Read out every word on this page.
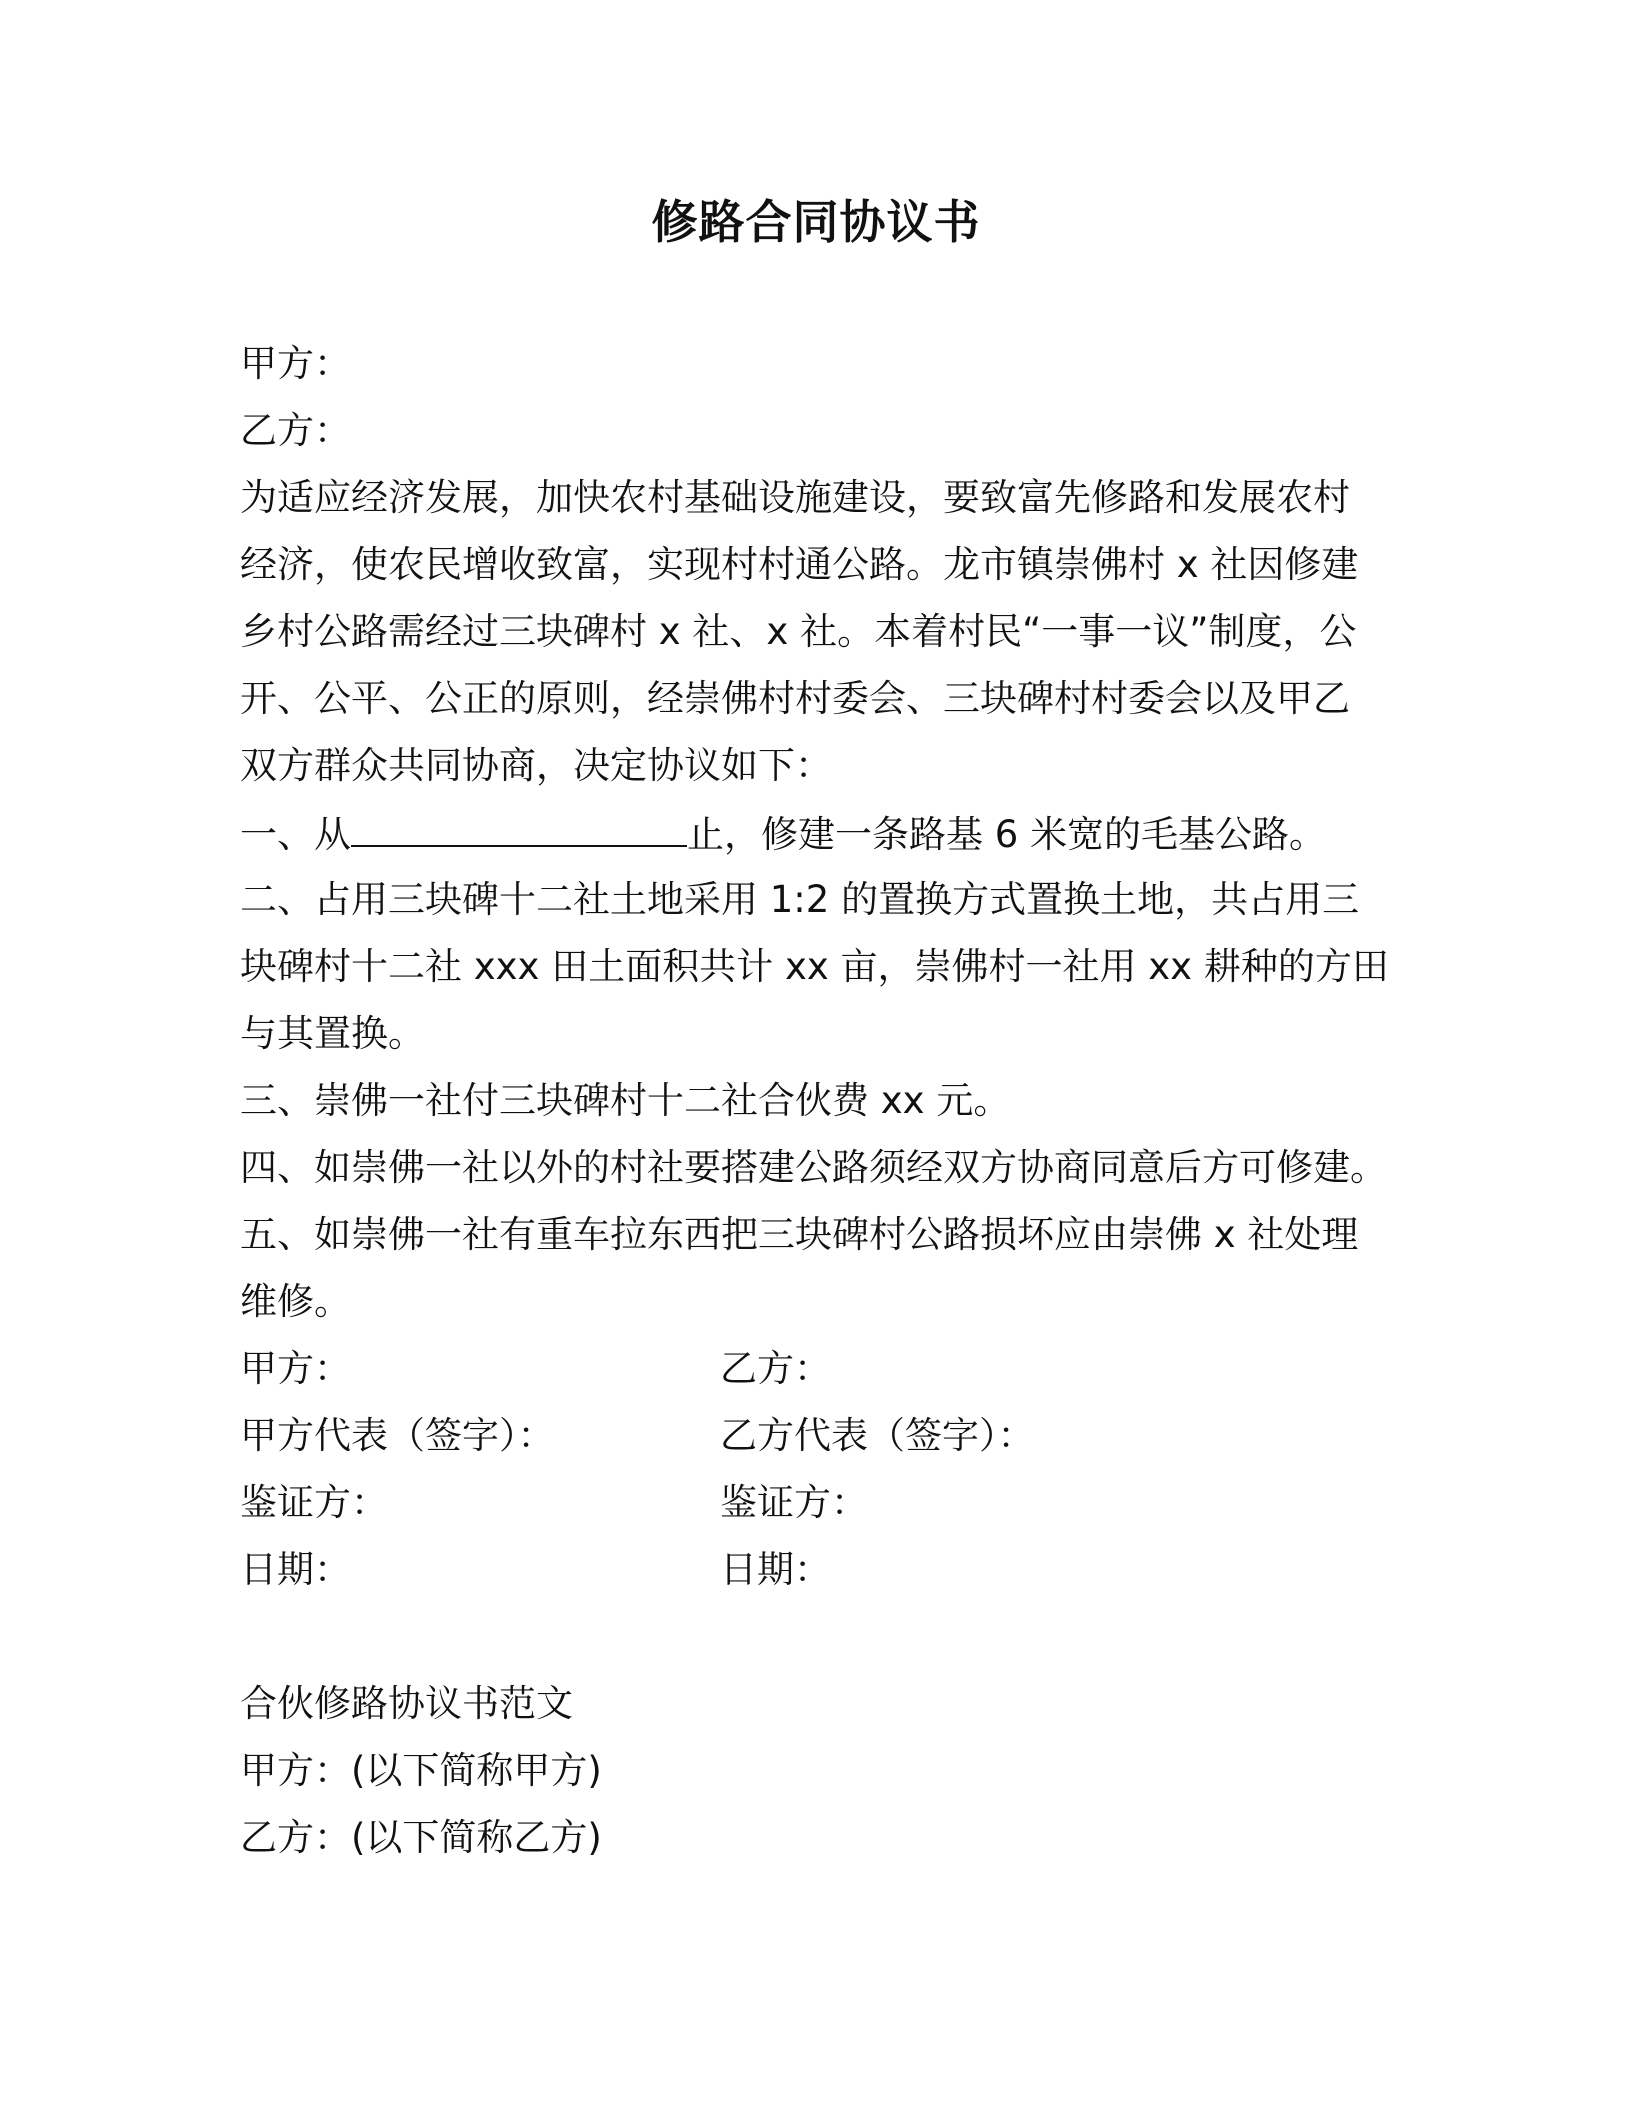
修路合同协议书
甲方：
乙方：
为适应经济发展，加快农村基础设施建设，要致富先修路和发展农村
经济，使农民增收致富，实现村村通公路。龙市镇崇佛村 x 社因修建
乡村公路需经过三块碑村 x 社、x 社。本着村民“一事一议”制度，公
开、公平、公正的原则，经崇佛村村委会、三块碑村村委会以及甲乙
双方群众共同协商，决定协议如下：
一、从	止，修建一条路基 6 米宽的毛基公路。
二、占用三块碑十二社土地采用 1:2 的置换方式置换土地，共占用三
块碑村十二社 xxx 田土面积共计 xx 亩，崇佛村一社用 xx 耕种的方田
与其置换。
三、崇佛一社付三块碑村十二社合伙费 xx 元。
四、如崇佛一社以外的村社要搭建公路须经双方协商同意后方可修建。
五、如崇佛一社有重车拉东西把三块碑村公路损坏应由崇佛 x 社处理
维修。
甲方：	乙方：
甲方代表（签字）：	乙方代表（签字）：
鉴证方：	鉴证方：
日期：	日期：
合伙修路协议书范文
甲方：(以下简称甲方)
乙方：(以下简称乙方)
